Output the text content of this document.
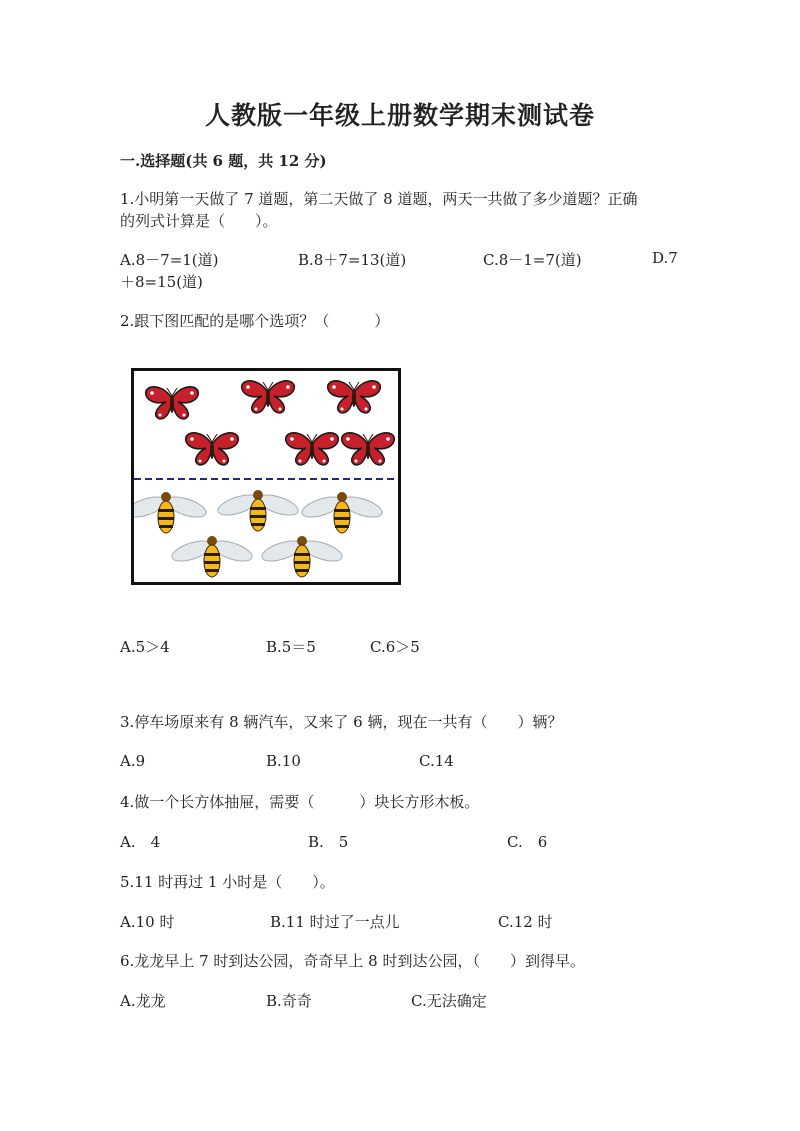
人教版一年级上册数学期末测试卷
一.选择题(共 6 题，共 12 分)
1.小明第一天做了 7 道题，第二天做了 8 道题，两天一共做了多少道题？正确
的列式计算是（　　）。
A.8－7=1(道)	B.8＋7=13(道)	C.8－1=7(道)	D.7
＋8=15(道)
2.跟下图匹配的是哪个选项？（　　　）
A.5＞4	B.5＝5	C.6＞5
3.停车场原来有 8 辆汽车，又来了 6 辆，现在一共有（　　）辆？
A.9	B.10	C.14
4.做一个长方体抽屉，需要（　　　）块长方形木板。
A.　4	B.　5	C.　6
5.11 时再过 1 小时是（　　）。
A.10 时	B.11 时过了一点儿	C.12 时
6.龙龙早上 7 时到达公园，奇奇早上 8 时到达公园，（　　）到得早。
A.龙龙	B.奇奇	C.无法确定
